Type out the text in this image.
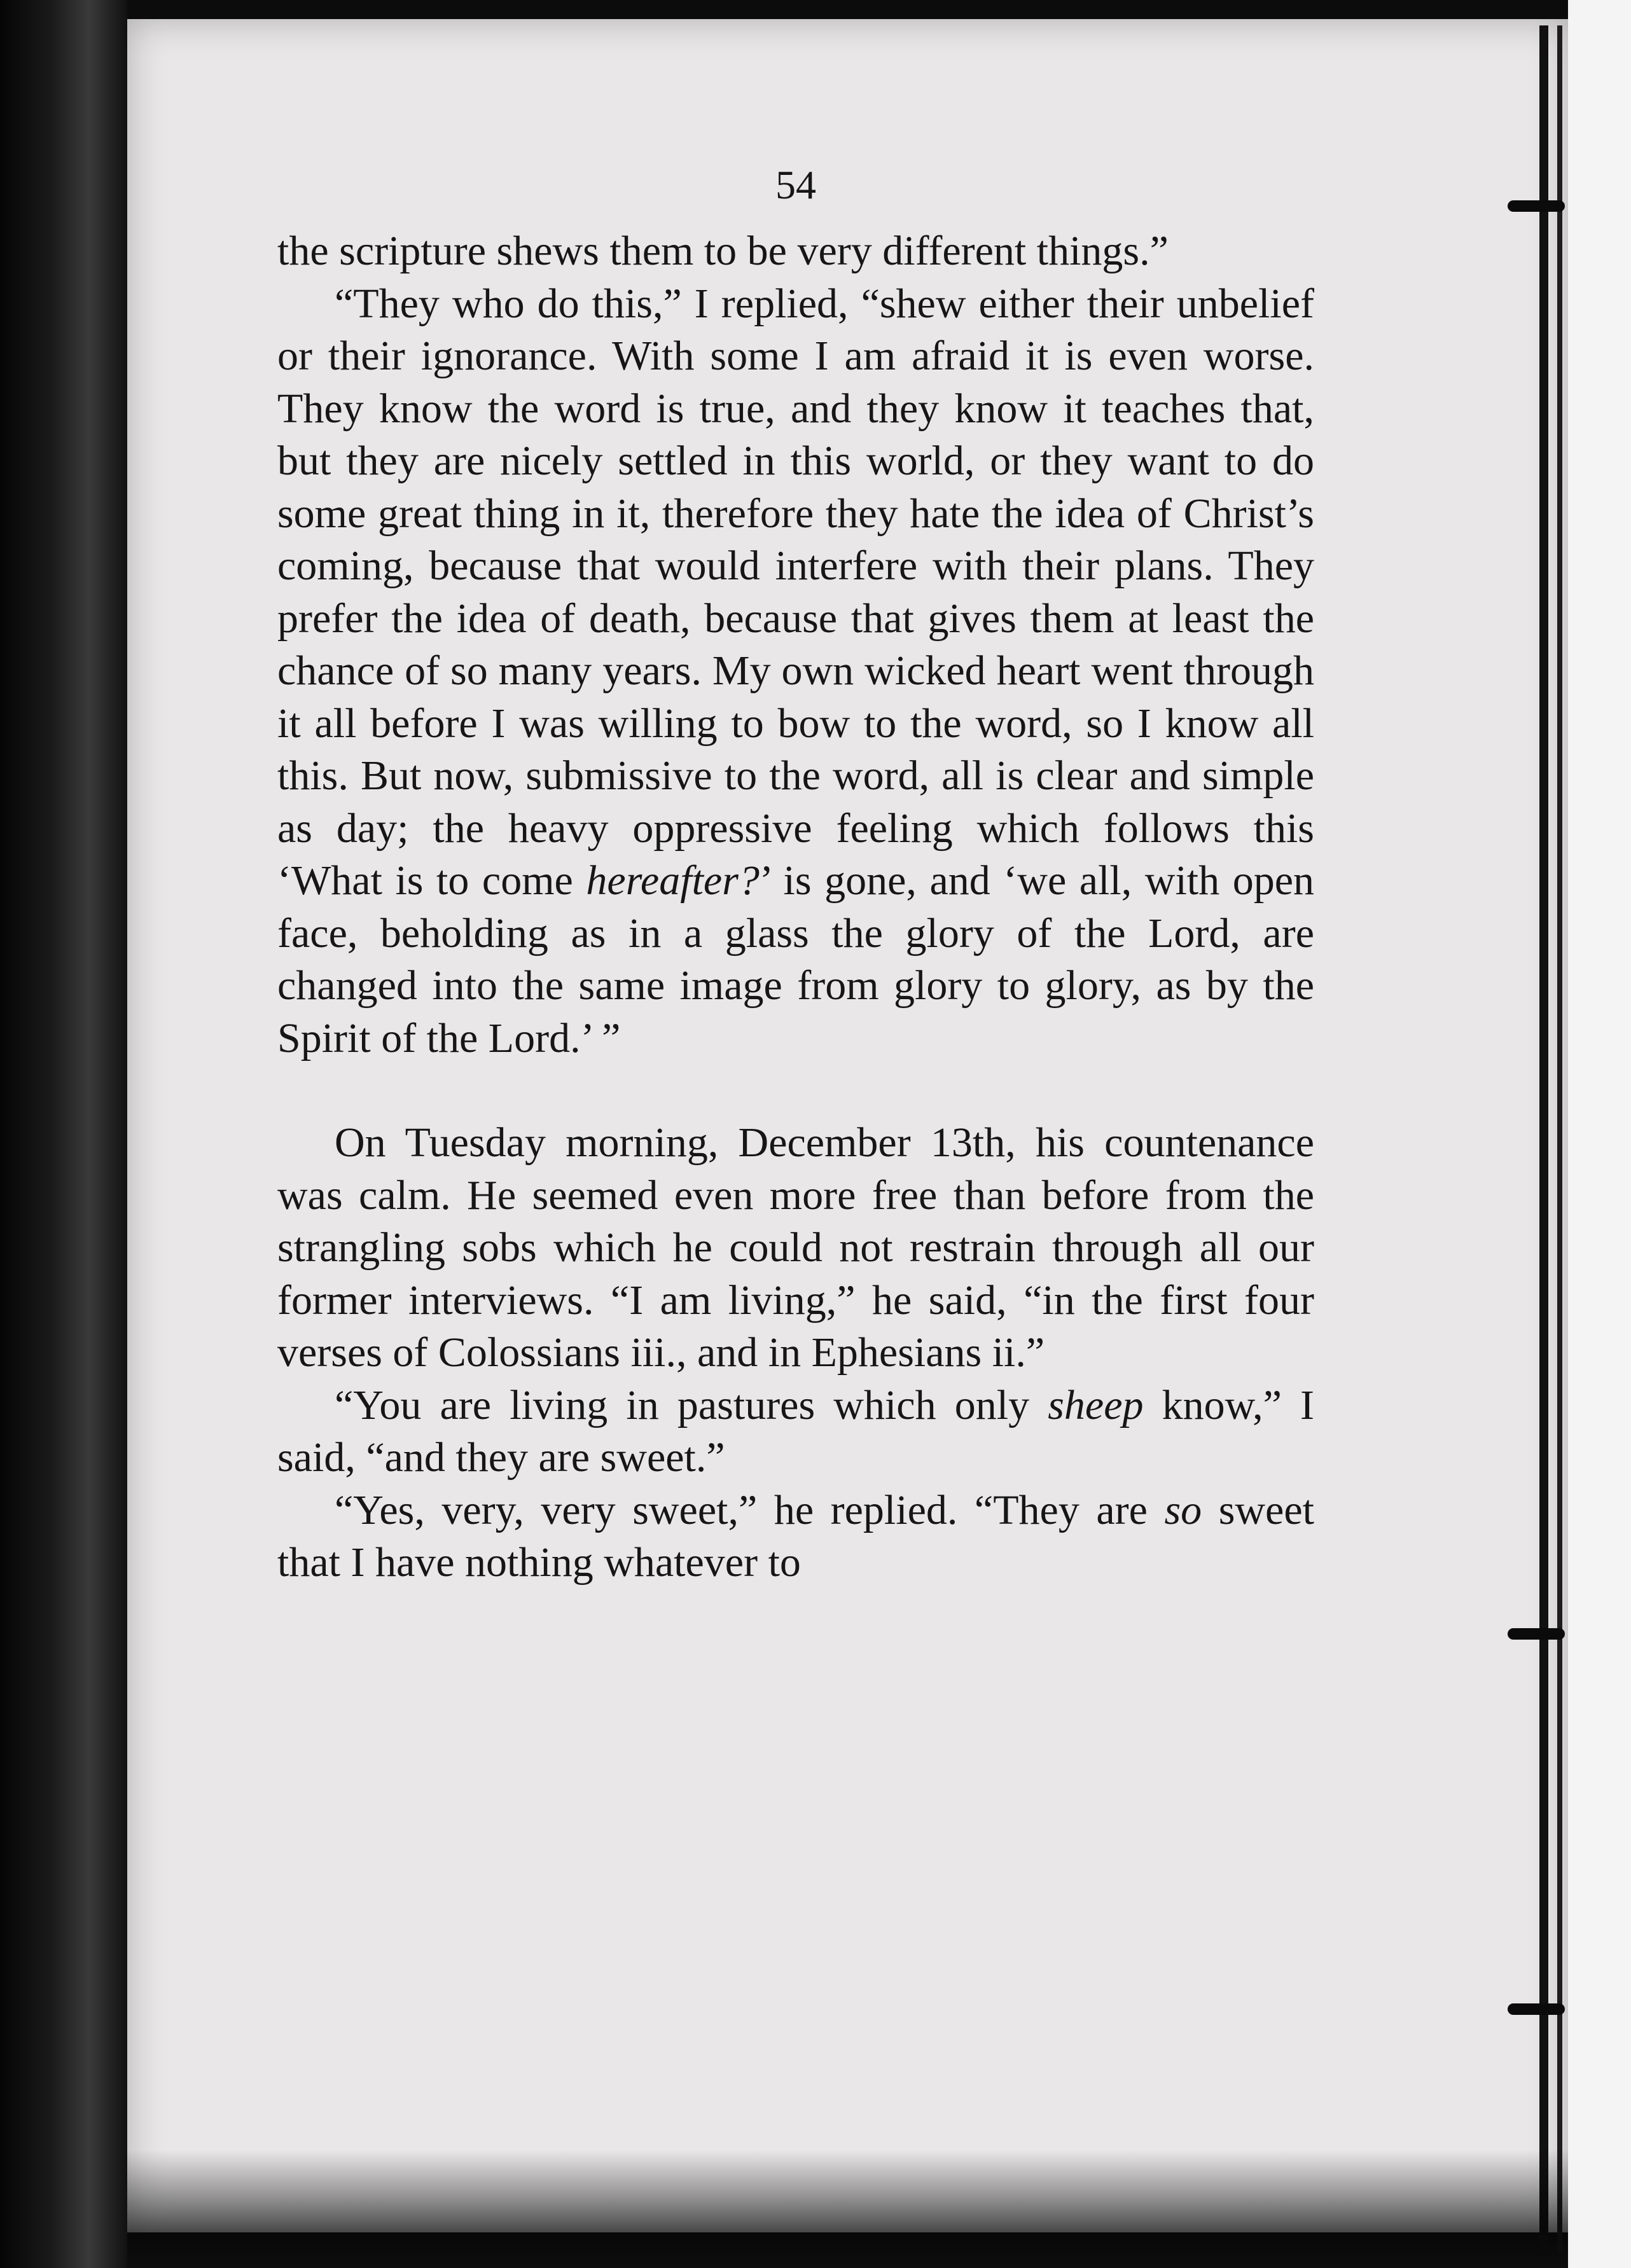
54

the scripture shews them to be very different things.”

“They who do this,” I replied, “shew either their unbelief or their ignorance. With some I am afraid it is even worse. They know the word is true, and they know it teaches that, but they are nicely settled in this world, or they want to do some great thing in it, therefore they hate the idea of Christ’s coming, because that would interfere with their plans. They prefer the idea of death, because that gives them at least the chance of so many years. My own wicked heart went through it all before I was willing to bow to the word, so I know all this. But now, submissive to the word, all is clear and simple as day; the heavy oppressive feeling which follows this ‘What is to come hereafter?’ is gone, and ‘we all, with open face, beholding as in a glass the glory of the Lord, are changed into the same image from glory to glory, as by the Spirit of the Lord.’ ”

On Tuesday morning, December 13th, his countenance was calm. He seemed even more free than before from the strangling sobs which he could not restrain through all our former interviews. “I am living,” he said, “in the first four verses of Colossians iii., and in Ephesians ii.”

“You are living in pastures which only sheep know,” I said, “and they are sweet.”

“Yes, very, very sweet,” he replied. “They are so sweet that I have nothing whatever to
